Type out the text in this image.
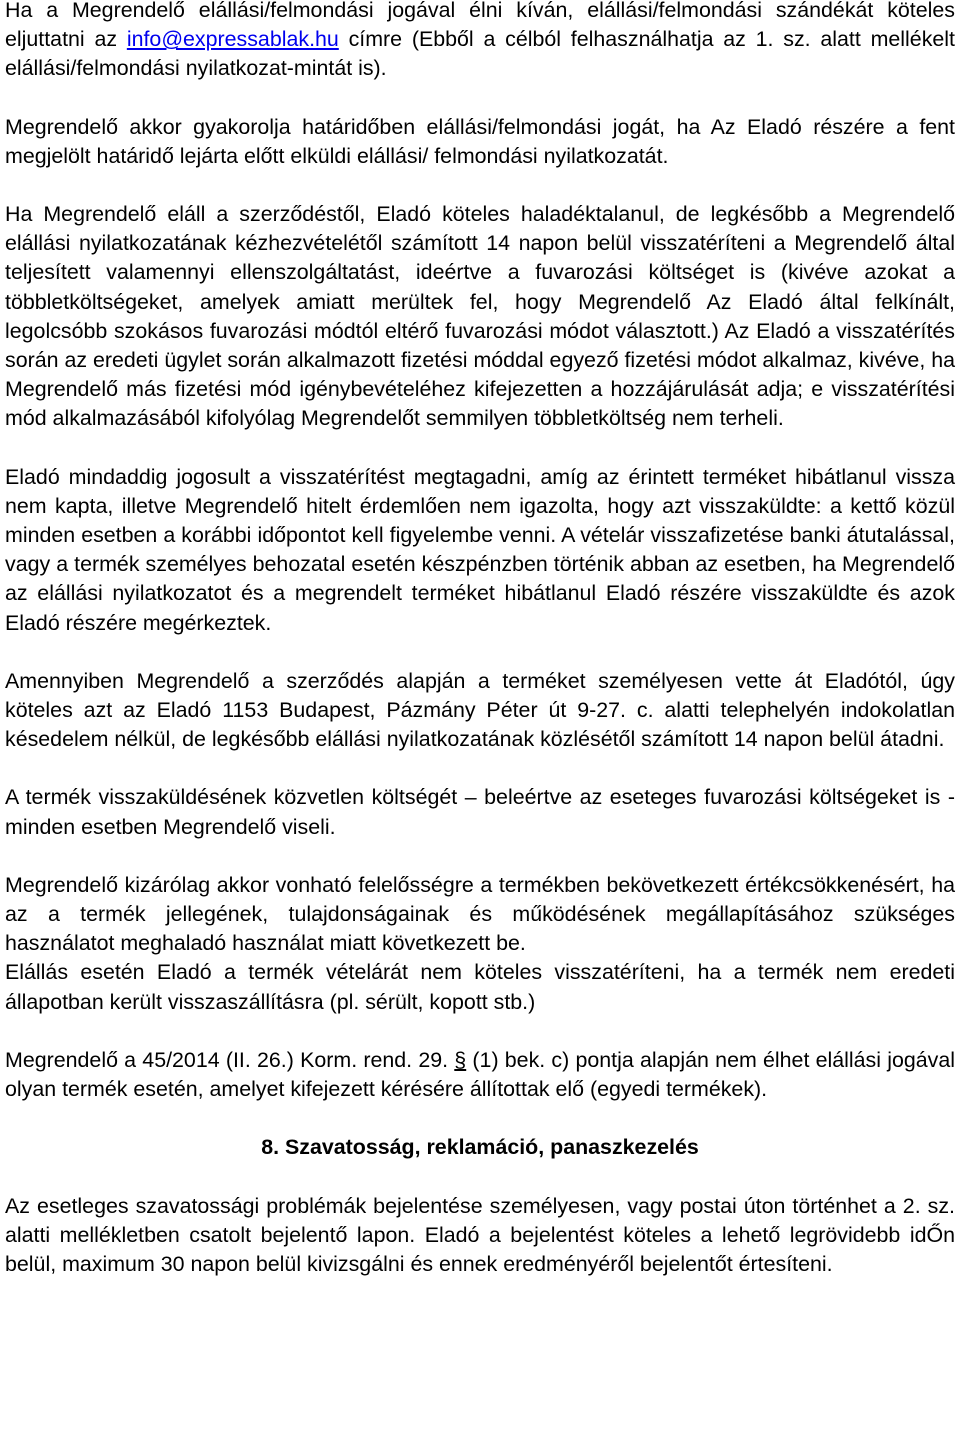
Ha a Megrendelő elállási/felmondási jogával élni kíván, elállási/felmondási szándékát köteles eljuttatni az info@expressablak.hu címre (Ebből a célból felhasználhatja az 1. sz. alatt mellékelt elállási/felmondási nyilatkozat-mintát is).

Megrendelő akkor gyakorolja határidőben elállási/felmondási jogát, ha Az Eladó részére a fent megjelölt határidő lejárta előtt elküldi elállási/ felmondási nyilatkozatát.

Ha Megrendelő eláll a szerződéstől, Eladó köteles haladéktalanul, de legkésőbb a Megrendelő elállási nyilatkozatának kézhezvételétől számított 14 napon belül visszatéríteni a Megrendelő által teljesített valamennyi ellenszolgáltatást, ideértve a fuvarozási költséget is (kivéve azokat a többletköltségeket, amelyek amiatt merültek fel, hogy Megrendelő Az Eladó által felkínált, legolcsóbb szokásos fuvarozási módtól eltérő fuvarozási módot választott.) Az Eladó a visszatérítés során az eredeti ügylet során alkalmazott fizetési móddal egyező fizetési módot alkalmaz, kivéve, ha Megrendelő más fizetési mód igénybevételéhez kifejezetten a hozzájárulását adja; e visszatérítési mód alkalmazásából kifolyólag Megrendelőt semmilyen többletköltség nem terheli.

Eladó mindaddig jogosult a visszatérítést megtagadni, amíg az érintett terméket hibátlanul vissza nem kapta, illetve Megrendelő hitelt érdemlően nem igazolta, hogy azt visszaküldte: a kettő közül minden esetben a korábbi időpontot kell figyelembe venni. A vételár visszafizetése banki átutalással, vagy a termék személyes behozatal esetén készpénzben történik abban az esetben, ha Megrendelő az elállási nyilatkozatot és a megrendelt terméket hibátlanul Eladó részére visszaküldte és azok Eladó részére megérkeztek.

Amennyiben Megrendelő a szerződés alapján a terméket személyesen vette át Eladótól, úgy köteles azt az Eladó 1153 Budapest, Pázmány Péter út 9-27. c. alatti telephelyén indokolatlan késedelem nélkül, de legkésőbb elállási nyilatkozatának közlésétől számított 14 napon belül átadni.

A termék visszaküldésének közvetlen költségét – beleértve az eseteges fuvarozási költségeket is - minden esetben Megrendelő viseli.

Megrendelő kizárólag akkor vonható felelősségre a termékben bekövetkezett értékcsökkenésért, ha az a termék jellegének, tulajdonságainak és működésének megállapításához szükséges használatot meghaladó használat miatt következett be.

Elállás esetén Eladó a termék vételárát nem köteles visszatéríteni, ha a termék nem eredeti állapotban került visszaszállításra (pl. sérült, kopott stb.)

Megrendelő a 45/2014 (II. 26.) Korm. rend. 29. § (1) bek. c) pontja alapján nem élhet elállási jogával olyan termék esetén, amelyet kifejezett kérésére állítottak elő (egyedi termékek).

8. Szavatosság, reklamáció, panaszkezelés

Az esetleges szavatossági problémák bejelentése személyesen, vagy postai úton történhet a 2. sz. alatti mellékletben csatolt bejelentő lapon. Eladó a bejelentést köteles a lehető legrövidebb idŐn belül, maximum 30 napon belül kivizsgálni és ennek eredményéről bejelentőt értesíteni.
